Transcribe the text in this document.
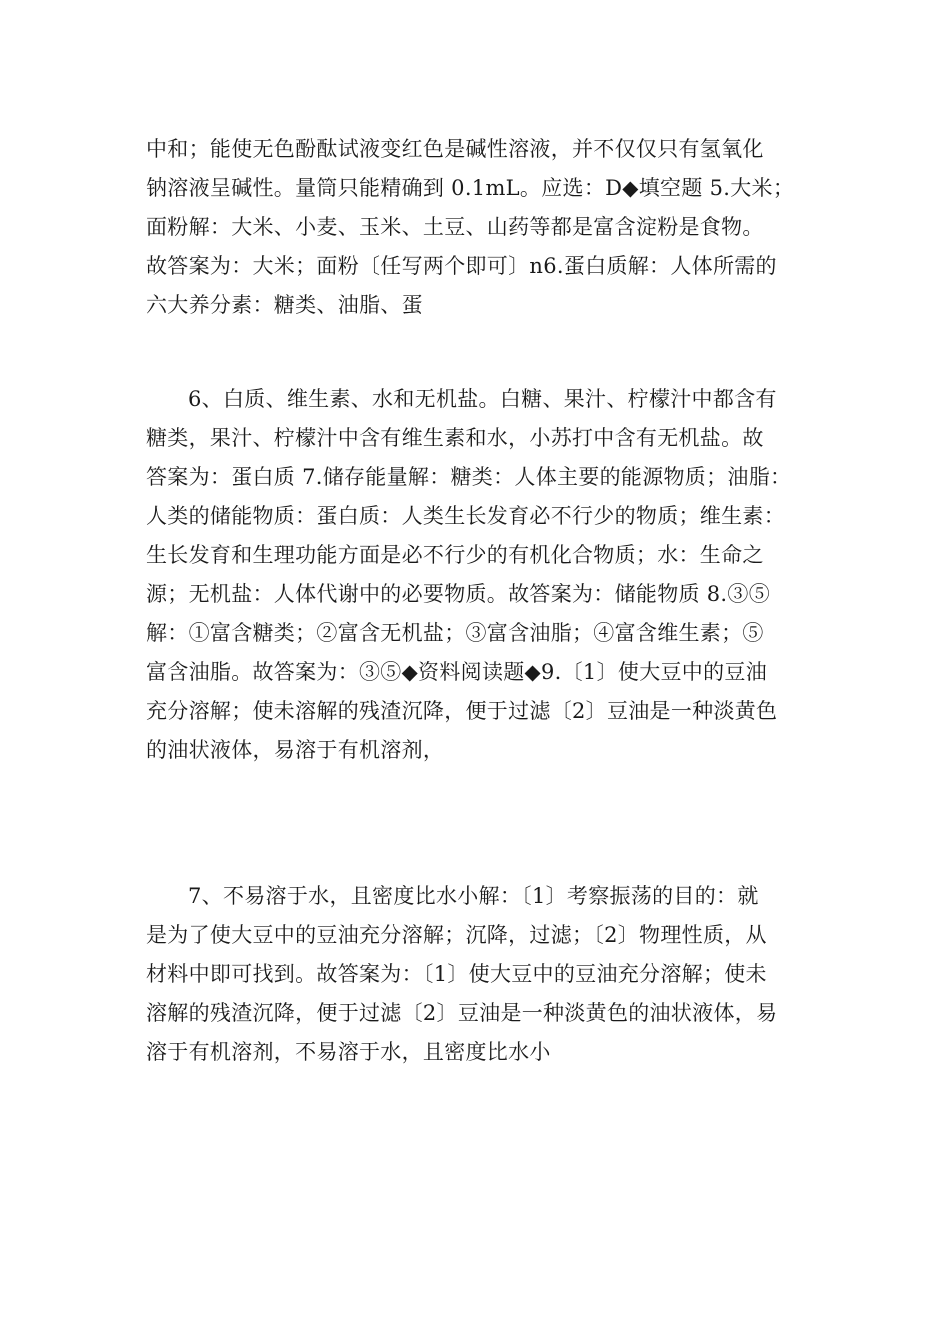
中和；能使无色酚酞试液变红色是碱性溶液，并不仅仅只有氢氧化
钠溶液呈碱性。量筒只能精确到 0.1mL。应选：D◆填空题 5.大米；
面粉解：大米、小麦、玉米、土豆、山药等都是富含淀粉是食物。
故答案为：大米；面粉〔任写两个即可〕n6.蛋白质解：人体所需的
六大养分素：糖类、油脂、蛋
6、白质、维生素、水和无机盐。白糖、果汁、柠檬汁中都含有
糖类，果汁、柠檬汁中含有维生素和水，小苏打中含有无机盐。故
答案为：蛋白质 7.储存能量解：糖类：人体主要的能源物质；油脂：
人类的储能物质：蛋白质：人类生长发育必不行少的物质；维生素：
生长发育和生理功能方面是必不行少的有机化合物质；水：生命之
源；无机盐：人体代谢中的必要物质。故答案为：储能物质 8.③⑤
解：①富含糖类；②富含无机盐；③富含油脂；④富含维生素；⑤
富含油脂。故答案为：③⑤◆资料阅读题◆9.〔1〕使大豆中的豆油
充分溶解；使未溶解的残渣沉降，便于过滤〔2〕豆油是一种淡黄色
的油状液体，易溶于有机溶剂，
7、不易溶于水，且密度比水小解：〔1〕考察振荡的目的：就
是为了使大豆中的豆油充分溶解；沉降，过滤；〔2〕物理性质，从
材料中即可找到。故答案为：〔1〕使大豆中的豆油充分溶解；使未
溶解的残渣沉降，便于过滤〔2〕豆油是一种淡黄色的油状液体，易
溶于有机溶剂，不易溶于水，且密度比水小
